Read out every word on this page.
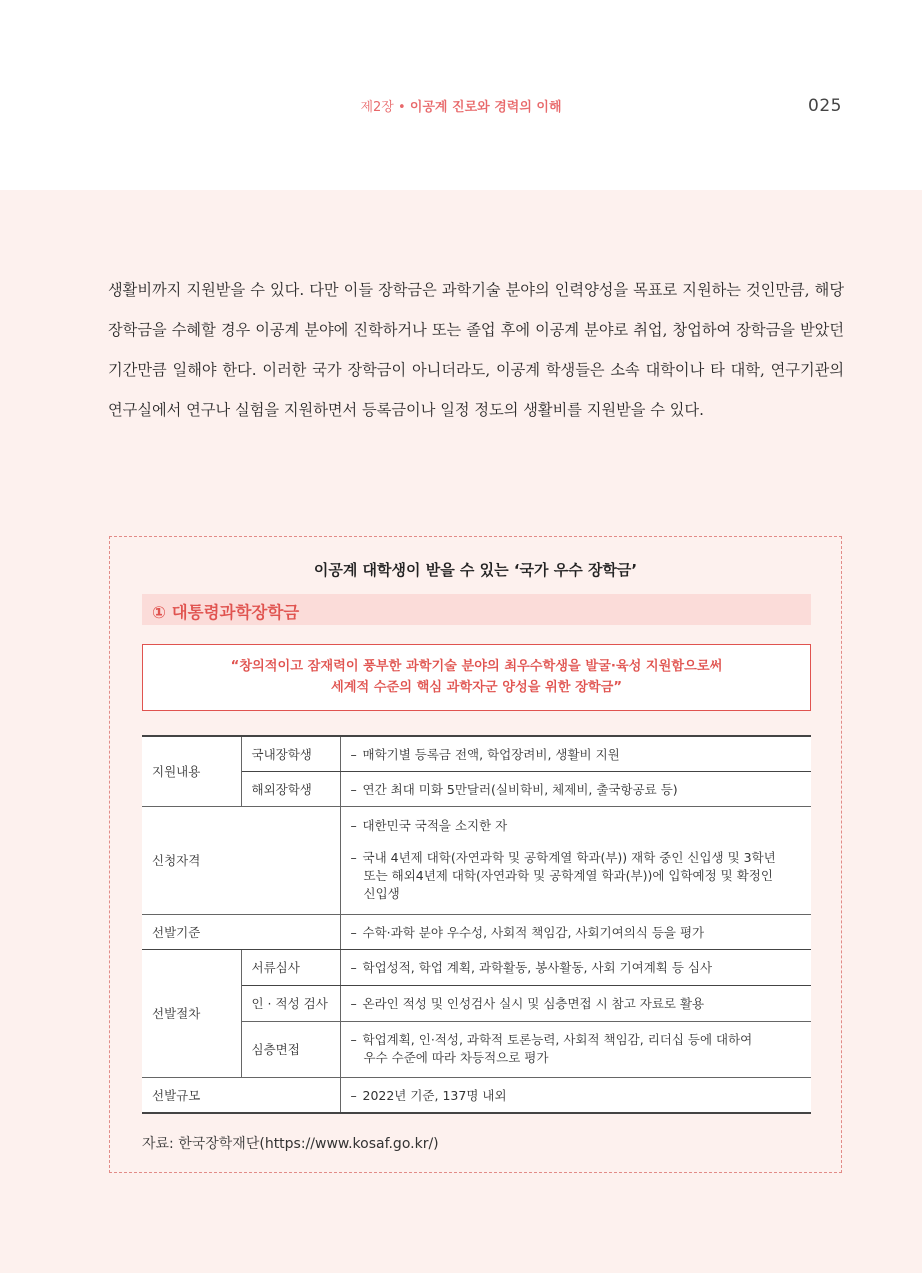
제2장 • 이공계 진로와 경력의 이해	025

생활비까지 지원받을 수 있다. 다만 이들 장학금은 과학기술 분야의 인력양성을 목표로 지원하는 것인만큼, 해당 장학금을 수혜할 경우 이공계 분야에 진학하거나 또는 졸업 후에 이공계 분야로 취업, 창업하여 장학금을 받았던 기간만큼 일해야 한다. 이러한 국가 장학금이 아니더라도, 이공계 학생들은 소속 대학이나 타 대학, 연구기관의 연구실에서 연구나 실험을 지원하면서 등록금이나 일정 정도의 생활비를 지원받을 수 있다.

이공계 대학생이 받을 수 있는 ‘국가 우수 장학금’
① 대통령과학장학금
“창의적이고 잠재력이 풍부한 과학기술 분야의 최우수학생을 발굴·육성 지원함으로써
세계적 수준의 핵심 과학자군 양성을 위한 장학금”
지원내용	국내장학생	– 매학기별 등록금 전액, 학업장려비, 생활비 지원
	해외장학생	– 연간 최대 미화 5만달러(실비학비, 체제비, 출국항공료 등)
신청자격		– 대한민국 국적을 소지한 자
– 국내 4년제 대학(자연과학 및 공학계열 학과(부)) 재학 중인 신입생 및 3학년
또는 해외4년제 대학(자연과학 및 공학계열 학과(부))에 입학예정 및 확정인
신입생

선발기준		– 수학·과학 분야 우수성, 사회적 책임감, 사회기여의식 등을 평가
선발절차	서류심사	– 학업성적, 학업 계획, 과학활동, 봉사활동, 사회 기여계획 등 심사
	인 · 적성 검사	– 온라인 적성 및 인성검사 실시 및 심층면접 시 참고 자료로 활용
	심층면접	– 학업계획, 인·적성, 과학적 토론능력, 사회적 책임감, 리더십 등에 대하여
우수 수준에 따라 차등적으로 평가

선발규모		– 2022년 기준, 137명 내외
자료: 한국장학재단(https://www.kosaf.go.kr/)
